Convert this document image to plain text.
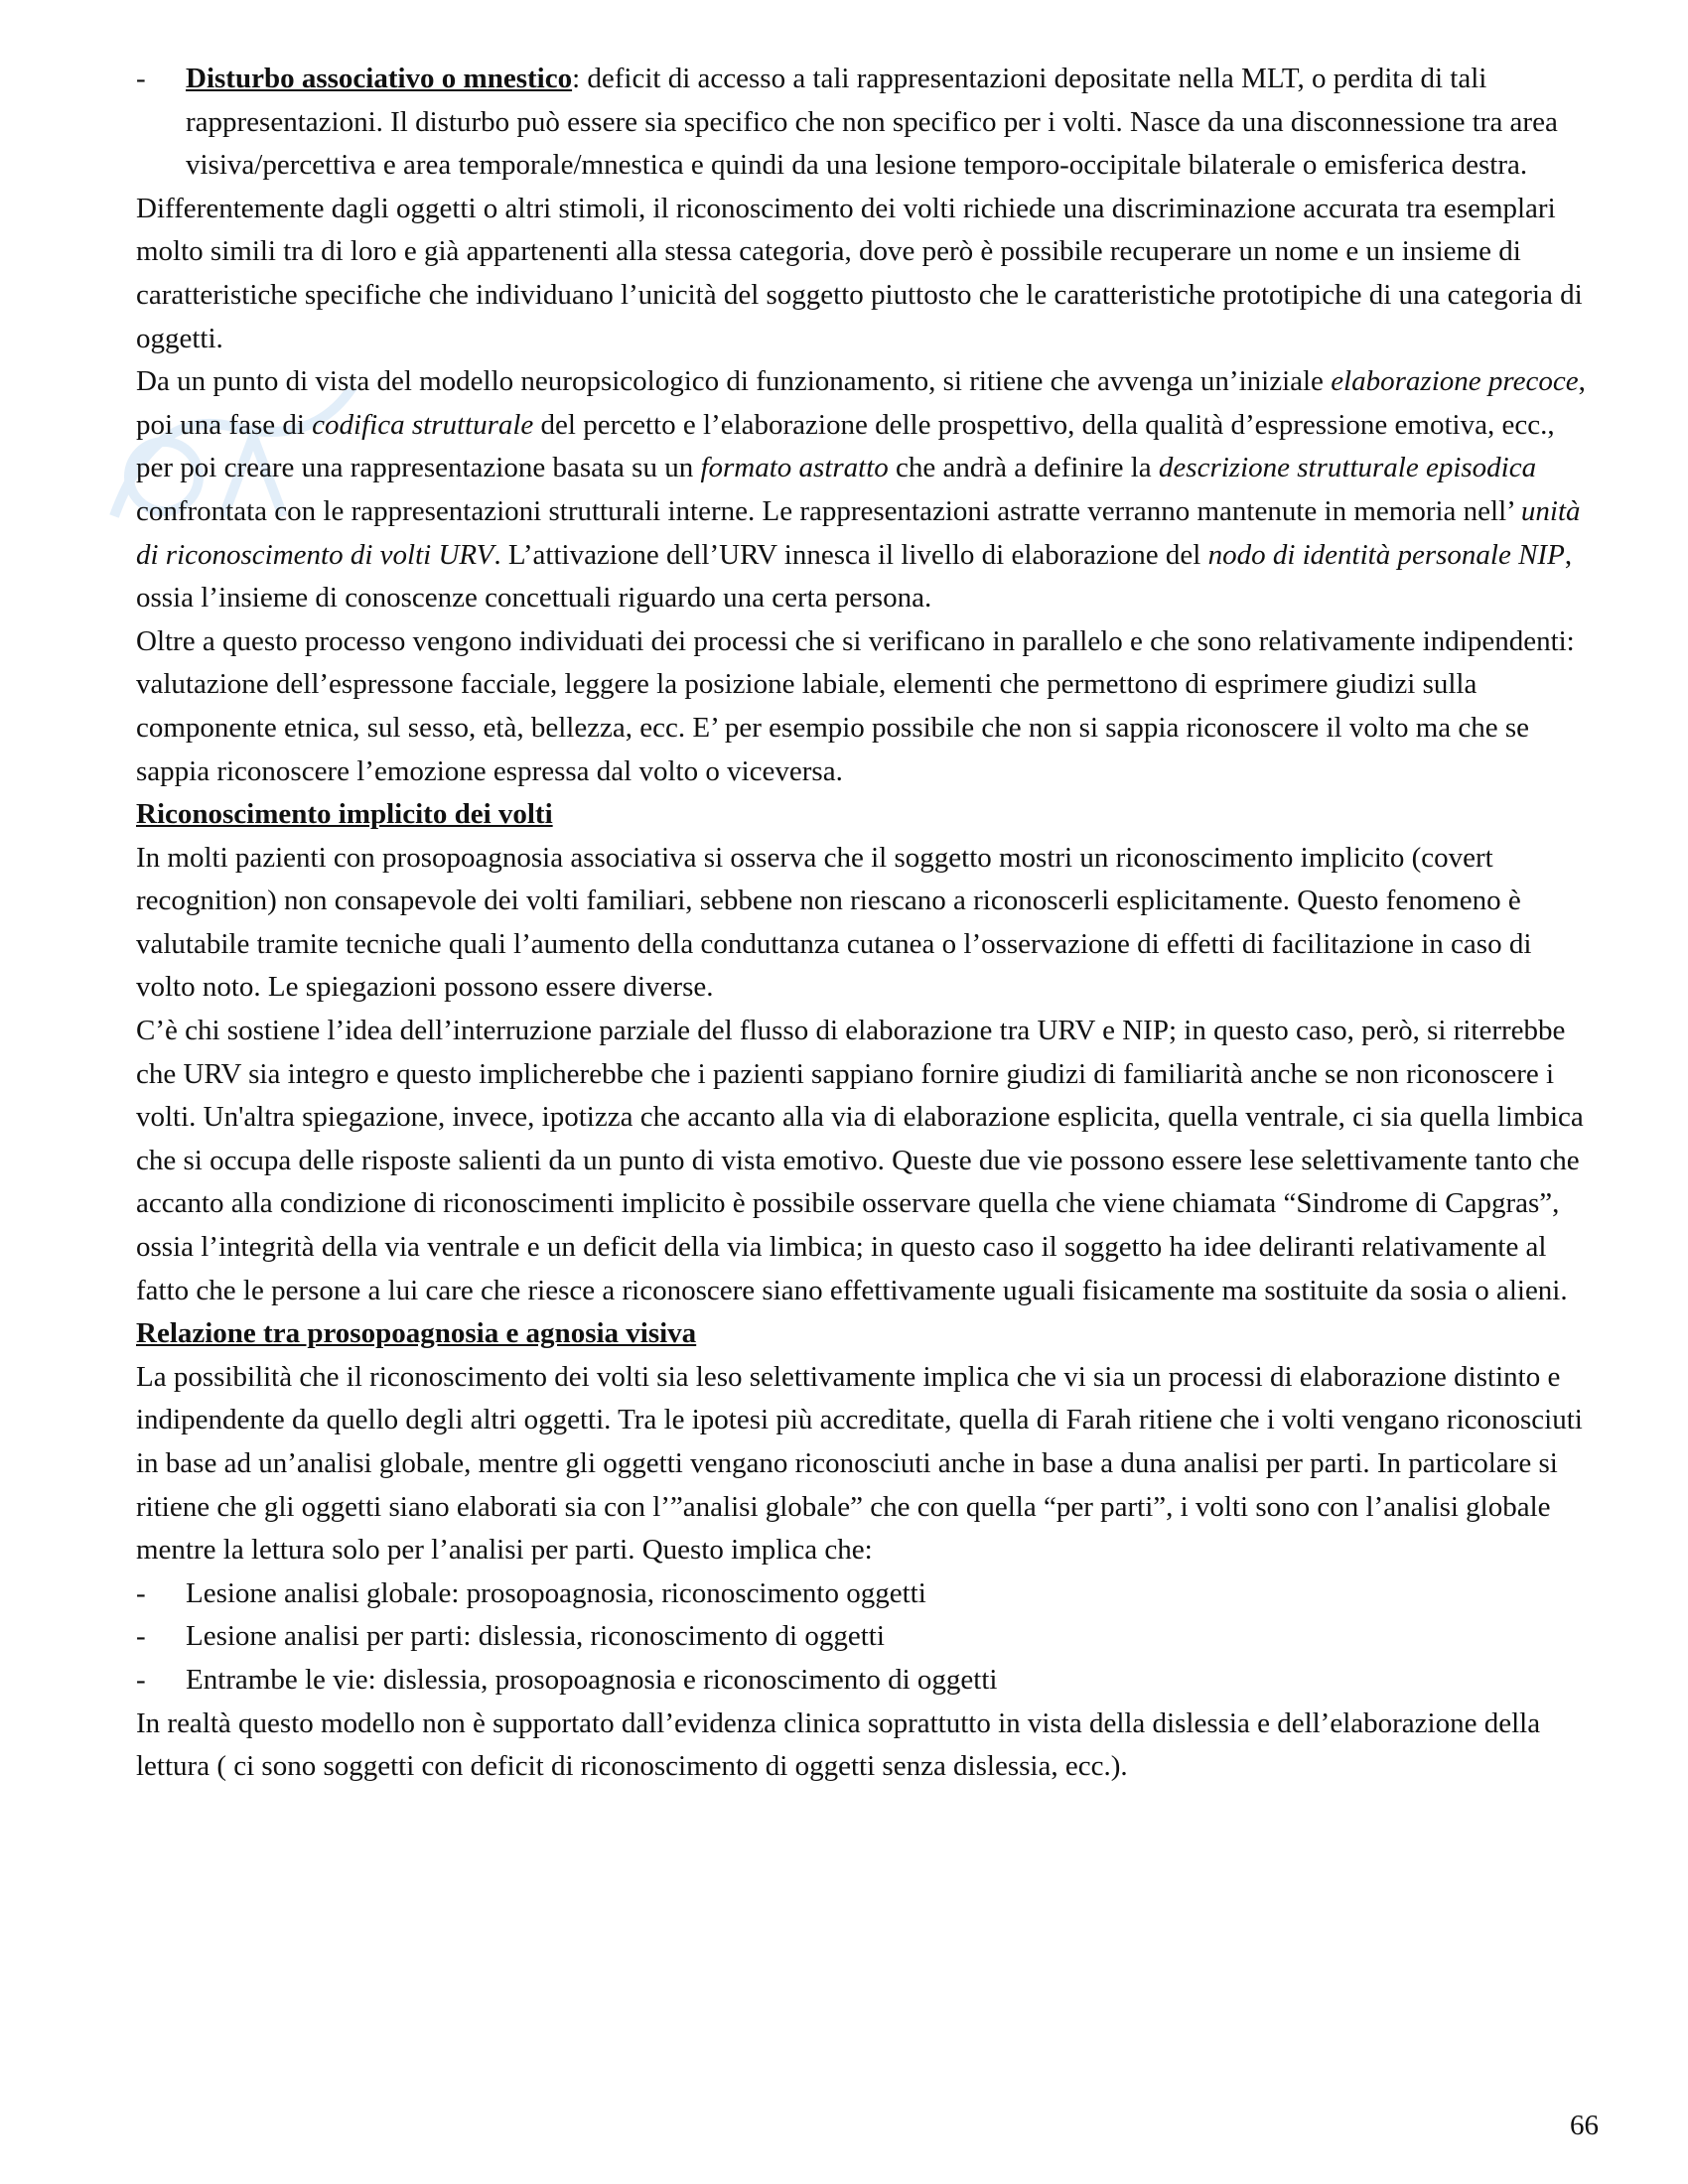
- Disturbo associativo o mnestico: deficit di accesso a tali rappresentazioni depositate nella MLT, o perdita di tali rappresentazioni. Il disturbo può essere sia specifico che non specifico per i volti. Nasce da una disconnessione tra area visiva/percettiva e area temporale/mnestica e quindi da una lesione temporo-occipitale bilaterale o emisferica destra.

Differentemente dagli oggetti o altri stimoli, il riconoscimento dei volti richiede una discriminazione accurata tra esemplari molto simili tra di loro e già appartenenti alla stessa categoria, dove però è possibile recuperare un nome e un insieme di caratteristiche specifiche che individuano l’unicità del soggetto piuttosto che le caratteristiche prototipiche di una categoria di oggetti.

Da un punto di vista del modello neuropsicologico di funzionamento, si ritiene che avvenga un’iniziale elaborazione precoce, poi una fase di codifica strutturale del percetto e l’elaborazione delle prospettivo, della qualità d’espressione emotiva, ecc., per poi creare una rappresentazione basata su un formato astratto che andrà a definire la descrizione strutturale episodica confrontata con le rappresentazioni strutturali interne. Le rappresentazioni astratte verranno mantenute in memoria nell’ unità di riconoscimento di volti URV. L’attivazione dell’URV innesca il livello di elaborazione del nodo di identità personale NIP, ossia l’insieme di conoscenze concettuali riguardo una certa persona.

Oltre a questo processo vengono individuati dei processi che si verificano in parallelo e che sono relativamente indipendenti: valutazione dell’espressone facciale, leggere la posizione labiale, elementi che permettono di esprimere giudizi sulla componente etnica, sul sesso, età, bellezza, ecc. E’ per esempio possibile che non si sappia riconoscere il volto ma che se sappia riconoscere l’emozione espressa dal volto o viceversa.

Riconoscimento implicito dei volti

In molti pazienti con prosopoagnosia associativa si osserva che il soggetto mostri un riconoscimento implicito (covert recognition) non consapevole dei volti familiari, sebbene non riescano a riconoscerli esplicitamente. Questo fenomeno è valutabile tramite tecniche quali l’aumento della conduttanza cutanea o l’osservazione di effetti di facilitazione in caso di volto noto. Le spiegazioni possono essere diverse.

C’è chi sostiene l’idea dell’interruzione parziale del flusso di elaborazione tra URV e NIP; in questo caso, però, si riterrebbe che URV sia integro e questo implicherebbe che i pazienti sappiano fornire giudizi di familiarità anche se non riconoscere i volti. Un'altra spiegazione, invece, ipotizza che accanto alla via di elaborazione esplicita, quella ventrale, ci sia quella limbica che si occupa delle risposte salienti da un punto di vista emotivo. Queste due vie possono essere lese selettivamente tanto che accanto alla condizione di riconoscimenti implicito è possibile osservare quella che viene chiamata “Sindrome di Capgras”, ossia l’integrità della via ventrale e un deficit della via limbica; in questo caso il soggetto ha idee deliranti relativamente al fatto che le persone a lui care che riesce a riconoscere siano effettivamente uguali fisicamente ma sostituite da sosia o alieni.

Relazione tra prosopoagnosia e agnosia visiva

La possibilità che il riconoscimento dei volti sia leso selettivamente implica che vi sia un processi di elaborazione distinto e indipendente da quello degli altri oggetti. Tra le ipotesi più accreditate, quella di Farah ritiene che i volti vengano riconosciuti in base ad un’analisi globale, mentre gli oggetti vengano riconosciuti anche in base a duna analisi per parti. In particolare si ritiene che gli oggetti siano elaborati sia con l’”analisi globale” che con quella “per parti”, i volti sono con l’analisi globale mentre la lettura solo per l’analisi per parti. Questo implica che:

- Lesione analisi globale: prosopoagnosia, riconoscimento oggetti

- Lesione analisi per parti: dislessia, riconoscimento di oggetti

- Entrambe le vie: dislessia, prosopoagnosia e riconoscimento di oggetti

In realtà questo modello non è supportato dall’evidenza clinica soprattutto in vista della dislessia e dell’elaborazione della lettura ( ci sono soggetti con deficit di riconoscimento di oggetti senza dislessia, ecc.).

66
